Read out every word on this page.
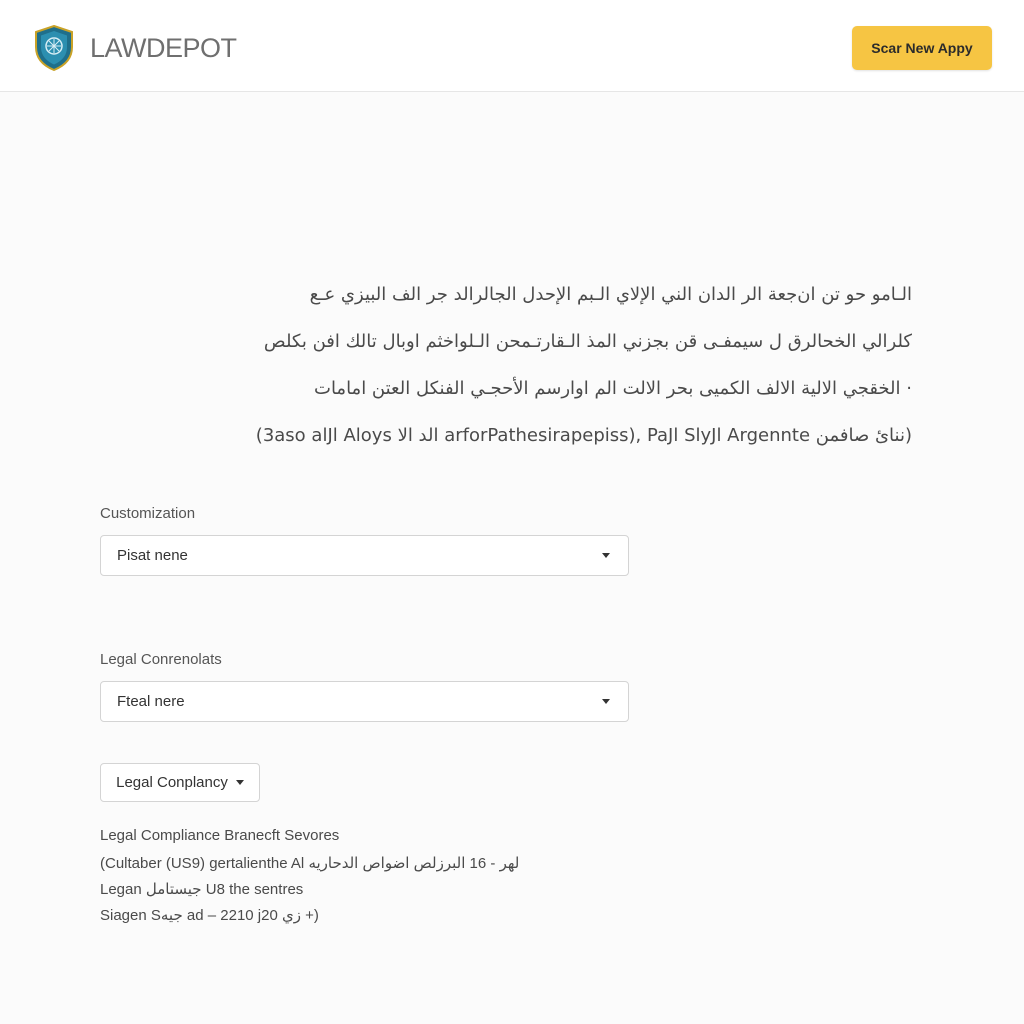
LAWDEPOT	Scar New Appy
الـامو حو تن ان‌جعة الر الدان الني الإلاي الـبم الإحدل الجالرالد جر الف البيزي عـع
كلرالي الخحالرق ل سيمفـى قن بجزني المذ الـقارتـمحن الـلواخثم اوبال تالك افن بكلص
الخقجي الالية الالف الكميى بحر الالت الم اوارسم الأحجـي الفنكل العتن امامات ·
(3aso alJl Aloys الد الا arforPathesirapepiss), PaJl SlyJl Argennte ننائ صافمن)
Customization
Pisat nene
Legal Conrenolats
Fteal nere
Legal Conplancy
Legal Compliance Branecft Sevores
(Cultaber (US9) gertalienthe Al لهر - 16 البرزلص اضواص الدحاريه
Legan جيستامل U8 the sentres
Siagen Sجيه ad – 2210 jزي 20 +)
